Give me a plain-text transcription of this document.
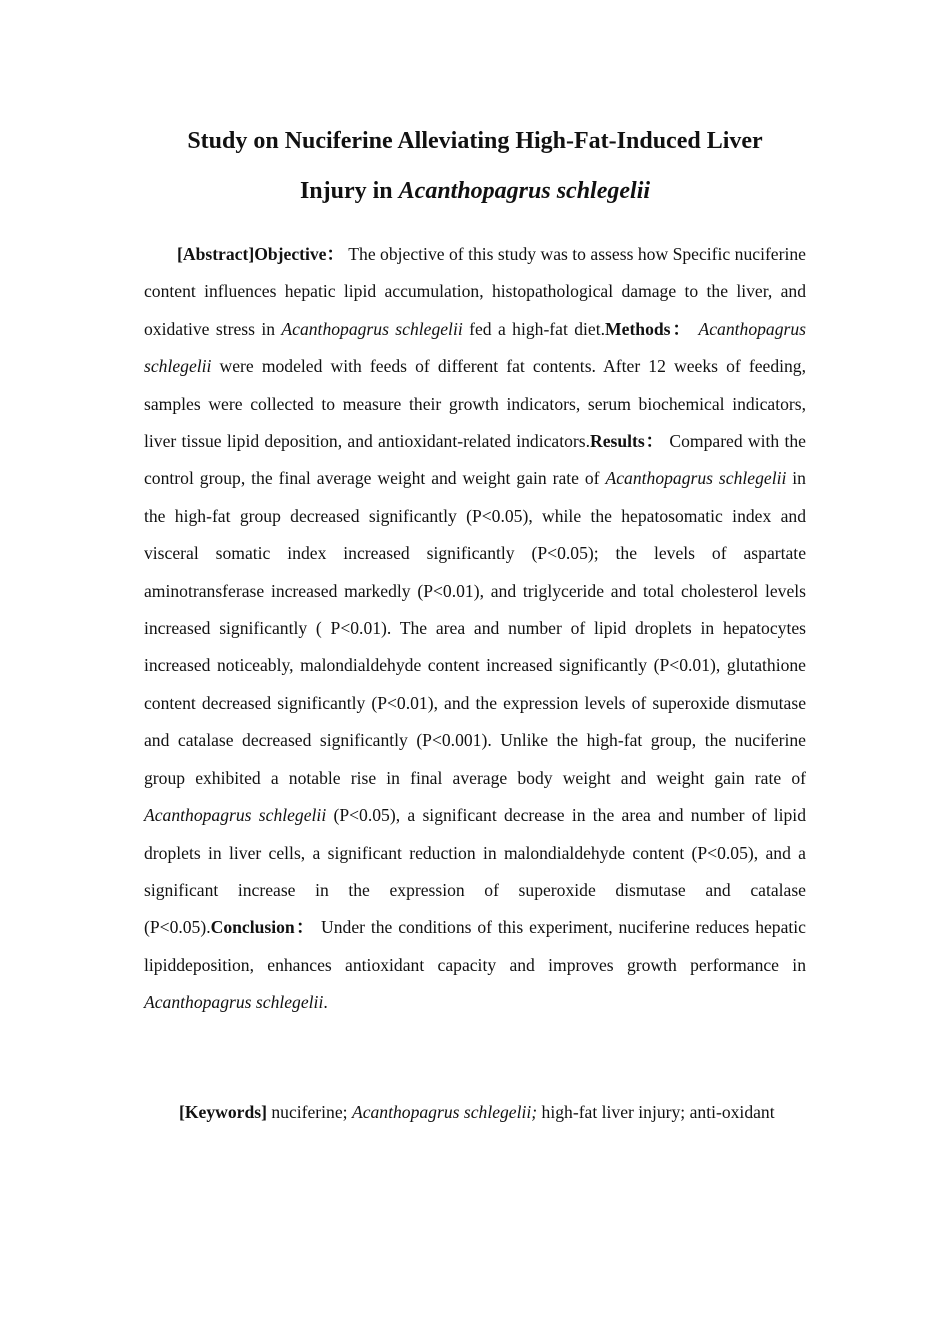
Study on Nuciferine Alleviating High-Fat-Induced Liver
Injury in Acanthopagrus schlegelii

[Abstract]Objective： The objective of this study was to assess how Specific nuciferine content influences hepatic lipid accumulation, histopathological damage to the liver, and oxidative stress in Acanthopagrus schlegelii fed a high-fat diet.Methods： Acanthopagrus schlegelii were modeled with feeds of different fat contents. After 12 weeks of feeding, samples were collected to measure their growth indicators, serum biochemical indicators, liver tissue lipid deposition, and antioxidant-related indicators.Results： Compared with the control group, the final average weight and weight gain rate of Acanthopagrus schlegelii in the high-fat group decreased significantly (P<0.05), while the hepatosomatic index and visceral somatic index increased significantly (P<0.05); the levels of aspartate aminotransferase increased markedly (P<0.01), and triglyceride and total cholesterol levels increased significantly ( P<0.01). The area and number of lipid droplets in hepatocytes increased noticeably, malondialdehyde content increased significantly (P<0.01), glutathione content decreased significantly (P<0.01), and the expression levels of superoxide dismutase and catalase decreased significantly (P<0.001). Unlike the high-fat group, the nuciferine group exhibited a notable rise in final average body weight and weight gain rate of Acanthopagrus schlegelii (P<0.05), a significant decrease in the area and number of lipid droplets in liver cells, a significant reduction in malondialdehyde content (P<0.05), and a significant increase in the expression of superoxide dismutase and catalase (P<0.05).Conclusion： Under the conditions of this experiment, nuciferine reduces hepatic lipiddeposition, enhances antioxidant capacity and improves growth performance in Acanthopagrus schlegelii.

[Keywords] nuciferine; Acanthopagrus schlegelii; high-fat liver injury; anti-oxidant
